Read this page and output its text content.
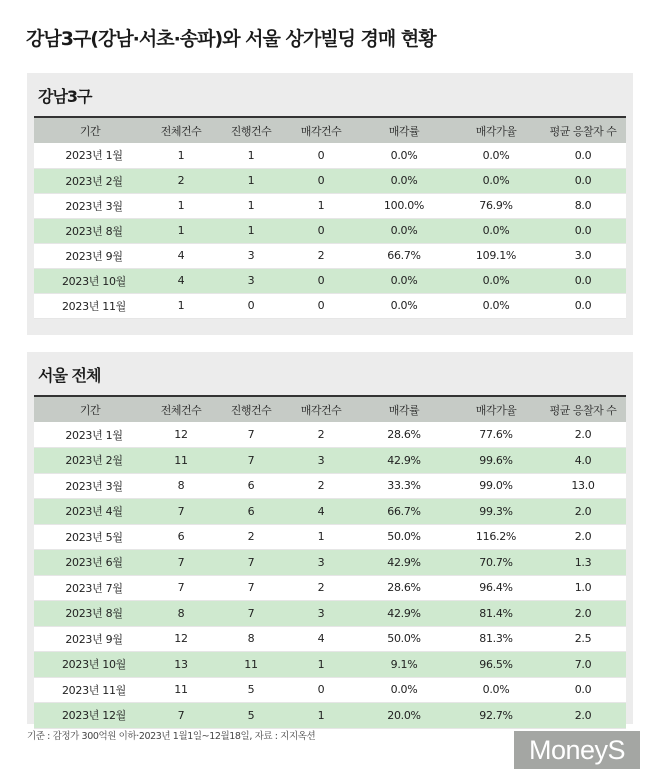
강남3구(강남·서초·송파)와 서울 상가빌딩 경매 현황
강남3구
기간	전체건수	진행건수	매각건수	매각률	매각가율	평균 응찰자 수
2023년 1월	1	1	0	0.0%	0.0%	0.0
2023년 2월	2	1	0	0.0%	0.0%	0.0
2023년 3월	1	1	1	100.0%	76.9%	8.0
2023년 8월	1	1	0	0.0%	0.0%	0.0
2023년 9월	4	3	2	66.7%	109.1%	3.0
2023년 10월	4	3	0	0.0%	0.0%	0.0
2023년 11월	1	0	0	0.0%	0.0%	0.0
서울 전체
기간	전체건수	진행건수	매각건수	매각률	매각가율	평균 응찰자 수
2023년 1월	12	7	2	28.6%	77.6%	2.0
2023년 2월	11	7	3	42.9%	99.6%	4.0
2023년 3월	8	6	2	33.3%	99.0%	13.0
2023년 4월	7	6	4	66.7%	99.3%	2.0
2023년 5월	6	2	1	50.0%	116.2%	2.0
2023년 6월	7	7	3	42.9%	70.7%	1.3
2023년 7월	7	7	2	28.6%	96.4%	1.0
2023년 8월	8	7	3	42.9%	81.4%	2.0
2023년 9월	12	8	4	50.0%	81.3%	2.5
2023년 10월	13	11	1	9.1%	96.5%	7.0
2023년 11월	11	5	0	0.0%	0.0%	0.0
2023년 12월	7	5	1	20.0%	92.7%	2.0
기준 : 감정가 300억원 이하·2023년 1월1일~12월18일, 자료 : 지지옥션	MoneyS
